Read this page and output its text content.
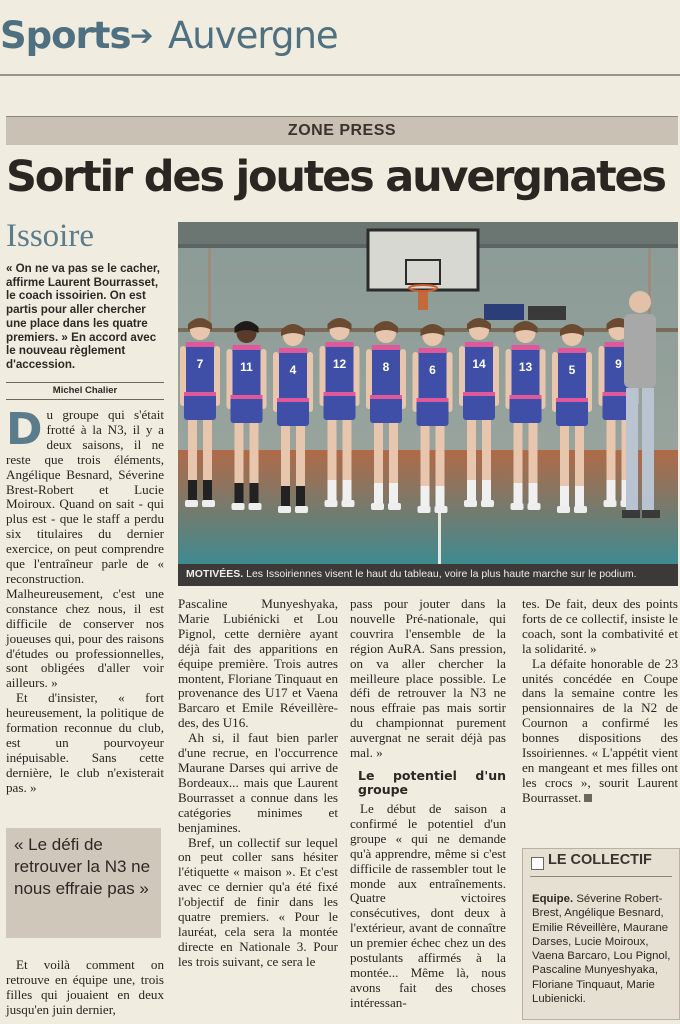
Sports ➔ Auvergne
ZONE PRESS
Sortir des joutes auvergnates
Issoire
« On ne va pas se le cacher, affirme Laurent Bourrasset, le coach issoirien. On est partis pour aller chercher une place dans les quatre premiers. » En accord avec le nouveau règlement d'accession.
Michel Chalier

Du groupe qui s'était frotté à la N3, il y a deux saisons, il ne reste que trois éléments, Angélique Besnard, Séverine Brest-Robert et Lucie Moiroux. Quand on sait - qui plus est - que le staff a perdu six titulaires du dernier exercice, on peut comprendre que l'entraîneur parle de « reconstruction. Malheureusement, c'est une constance chez nous, il est difficile de conserver nos joueuses qui, pour des raisons d'études ou professionnelles, sont obligées d'aller voir ailleurs. »

Et d'insister, « fort heureusement, la politique de formation reconnue du club, est un pourvoyeur inépuisable. Sans cette dernière, le club n'existerait pas. »

« Le défi de retrouver la N3 ne nous effraie pas »

Et voilà comment on retrouve en équipe une, trois filles qui jouaient en deux jusqu'en juin dernier,

7	11	4	12	8	6	14	13	5	9
MOTIVÉES. Les Issoiriennes visent le haut du tableau, voire la plus haute marche sur le podium.

Pascaline Munyeshyaka, Marie Lubiénicki et Lou Pignol, cette dernière ayant déjà fait des apparitions en équipe première. Trois autres montent, Floriane Tinquaut en provenance des U17 et Vaena Barcaro et Emile Réveillère-des, des U16.

Ah si, il faut bien parler d'une recrue, en l'occurrence Maurane Darses qui arrive de Bordeaux... mais que Laurent Bourrasset a connue dans les catégories minimes et benjamines.

Bref, un collectif sur lequel on peut coller sans hésiter l'étiquette « maison ». Et c'est avec ce dernier qu'a été fixé l'objectif de finir dans les quatre premiers. « Pour le lauréat, cela sera la montée directe en Nationale 3. Pour les trois suivant, ce sera le

pass pour jouter dans la nouvelle Pré-nationale, qui couvrira l'ensemble de la région AuRA. Sans pression, on va aller chercher la meilleure place possible. Le défi de retrouver la N3 ne nous effraie pas mais sortir du championnat purement auvergnat ne serait déjà pas mal. »

Le potentiel d'un groupe

Le début de saison a confirmé le potentiel d'un groupe « qui ne demande qu'à apprendre, même si c'est difficile de rassembler tout le monde aux entraînements. Quatre victoires consécutives, dont deux à l'extérieur, avant de connaître un premier échec chez un des postulants affirmés à la montée... Même là, nous avons fait des choses intéressan-

tes. De fait, deux des points forts de ce collectif, insiste le coach, sont la combativité et la solidarité. »

La défaite honorable de 23 unités concédée en Coupe dans la semaine contre les pensionnaires de la N2 de Cournon a confirmé les bonnes dispositions des Issoiriennes. « L'appétit vient en mangeant et mes filles ont les crocs », sourit Laurent Bourrasset.

LE COLLECTIF
Equipe. Séverine Robert-Brest, Angélique Besnard, Emilie Réveillère, Maurane Darses, Lucie Moiroux, Vaena Barcaro, Lou Pignol, Pascaline Munyeshyaka, Floriane Tinquaut, Marie Lubienicki.
